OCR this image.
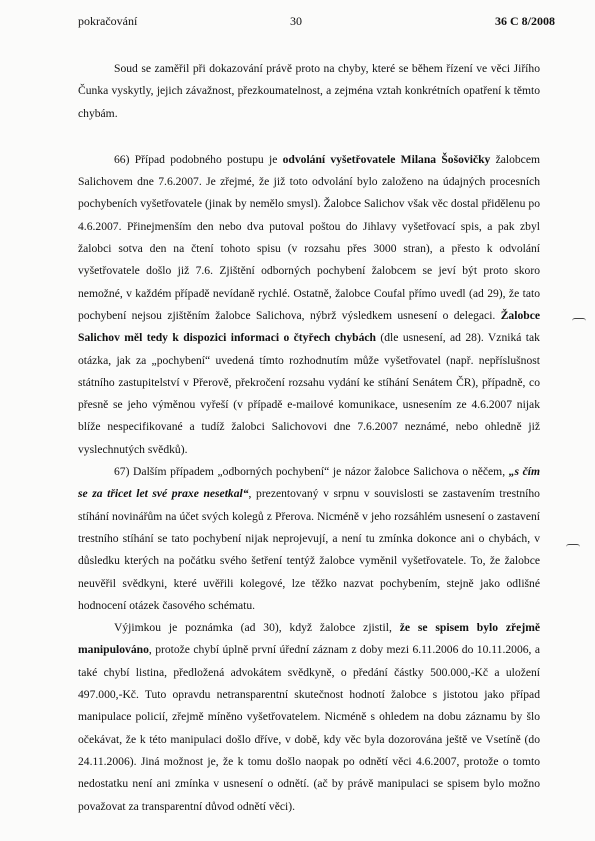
pokračování	30	36 C 8/2008

Soud se zaměřil při dokazování právě proto na chyby, které se během řízení ve věci Jiřího Čunka vyskytly, jejich závažnost, přezkoumatelnost, a zejména vztah konkrétních opatření k těmto chybám.

66) Případ podobného postupu je odvolání vyšetřovatele Milana Šošovičky žalobcem Salichovem dne 7.6.2007. Je zřejmé, že již toto odvolání bylo založeno na údajných procesních pochybeních vyšetřovatele (jinak by nemělo smysl). Žalobce Salichov však věc dostal přidělenu po 4.6.2007. Přinejmenším den nebo dva putoval poštou do Jihlavy vyšetřovací spis, a pak zbyl žalobci sotva den na čtení tohoto spisu (v rozsahu přes 3000 stran), a přesto k odvolání vyšetřovatele došlo již 7.6. Zjištění odborných pochybení žalobcem se jeví být proto skoro nemožné, v každém případě nevídaně rychlé. Ostatně, žalobce Coufal přímo uvedl (ad 29), že tato pochybení nejsou zjištěním žalobce Salichova, nýbrž výsledkem usnesení o delegaci. Žalobce Salichov měl tedy k dispozici informaci o čtyřech chybách (dle usnesení, ad 28). Vzniká tak otázka, jak za „pochybení“ uvedená tímto rozhodnutím může vyšetřovatel (např. nepříslušnost státního zastupitelství v Přerově, překročení rozsahu vydání ke stíhání Senátem ČR), případně, co přesně se jeho výměnou vyřeší (v případě e-mailové komunikace, usnesením ze 4.6.2007 nijak blíže nespecifikované a tudíž žalobci Salichovovi dne 7.6.2007 neznámé, nebo ohledně již vyslechnutých svědků).

67) Dalším případem „odborných pochybení“ je názor žalobce Salichova o něčem, „s čím se za třicet let své praxe nesetkal“, prezentovaný v srpnu v souvislosti se zastavením trestního stíhání novinářům na účet svých kolegů z Přerova. Nicméně v jeho rozsáhlém usnesení o zastavení trestního stíhání se tato pochybení nijak neprojevují, a není tu zmínka dokonce ani o chybách, v důsledku kterých na počátku svého šetření tentýž žalobce vyměnil vyšetřovatele. To, že žalobce neuvěřil svědkyni, které uvěřili kolegové, lze těžko nazvat pochybením, stejně jako odlišné hodnocení otázek časového schématu.

Výjimkou je poznámka (ad 30), když žalobce zjistil, že se spisem bylo zřejmě manipulováno, protože chybí úplně první úřední záznam z doby mezi 6.11.2006 do 10.11.2006, a také chybí listina, předložená advokátem svědkyně, o předání částky 500.000,-Kč a uložení 497.000,-Kč. Tuto opravdu netransparentní skutečnost hodnotí žalobce s jistotou jako případ manipulace policií, zřejmě míněno vyšetřovatelem. Nicméně s ohledem na dobu záznamu by šlo očekávat, že k této manipulaci došlo dříve, v době, kdy věc byla dozorována ještě ve Vsetíně (do 24.11.2006). Jiná možnost je, že k tomu došlo naopak po odnětí věci 4.6.2007, protože o tomto nedostatku není ani zmínka v usnesení o odnětí. (ač by právě manipulaci se spisem bylo možno považovat za transparentní důvod odnětí věci).
